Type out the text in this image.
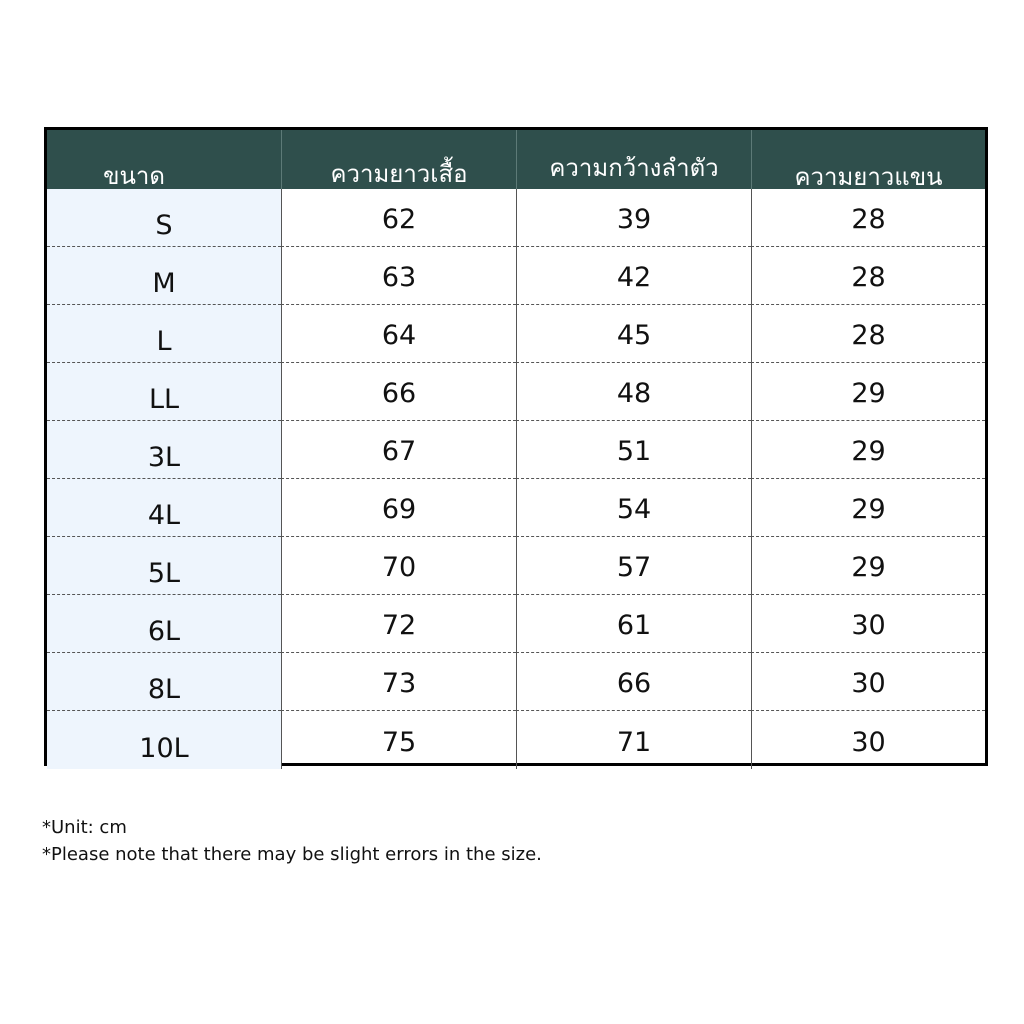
ขนาด	ความยาวเสื้อ	ความกว้างลำตัว	ความยาวแขน
S	62	39	28
M	63	42	28
L	64	45	28
LL	66	48	29
3L	67	51	29
4L	69	54	29
5L	70	57	29
6L	72	61	30
8L	73	66	30
10L	75	71	30
*Unit: cm
*Please note that there may be slight errors in the size.
